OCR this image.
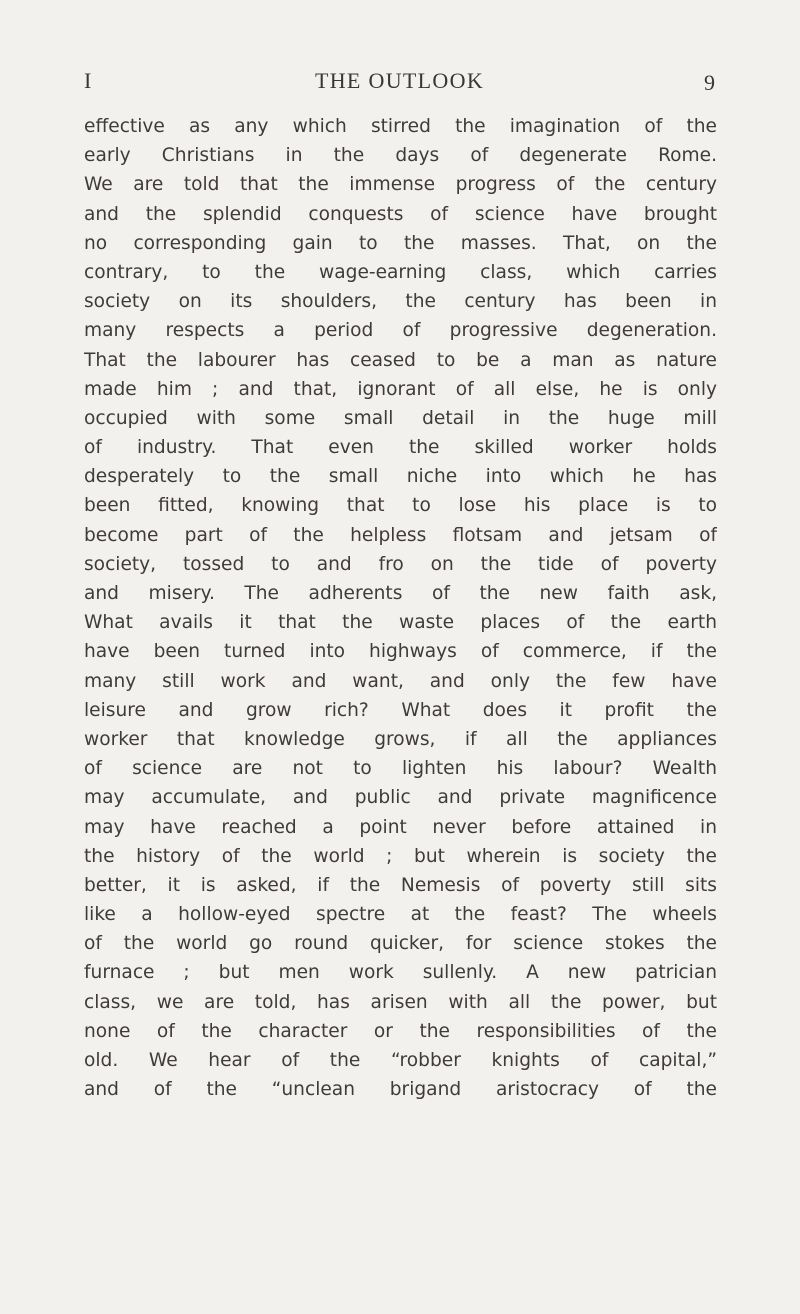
I	THE OUTLOOK	9
effective as any which stirred the imagination of the
early Christians in the days of degenerate Rome.
We are told that the immense progress of the century
and the splendid conquests of science have brought
no corresponding gain to the masses. That, on the
contrary, to the wage-earning class, which carries
society on its shoulders, the century has been in
many respects a period of progressive degeneration.
That the labourer has ceased to be a man as nature
made him ; and that, ignorant of all else, he is only
occupied with some small detail in the huge mill
of industry. That even the skilled worker holds
desperately to the small niche into which he has
been fitted, knowing that to lose his place is to
become part of the helpless flotsam and jetsam of
society, tossed to and fro on the tide of poverty
and misery. The adherents of the new faith ask,
What avails it that the waste places of the earth
have been turned into highways of commerce, if the
many still work and want, and only the few have
leisure and grow rich? What does it profit the
worker that knowledge grows, if all the appliances
of science are not to lighten his labour? Wealth
may accumulate, and public and private magnificence
may have reached a point never before attained in
the history of the world ; but wherein is society the
better, it is asked, if the Nemesis of poverty still sits
like a hollow-eyed spectre at the feast? The wheels
of the world go round quicker, for science stokes the
furnace ; but men work sullenly. A new patrician
class, we are told, has arisen with all the power, but
none of the character or the responsibilities of the
old. We hear of the “robber knights of capital,”
and of the “unclean brigand aristocracy of the
